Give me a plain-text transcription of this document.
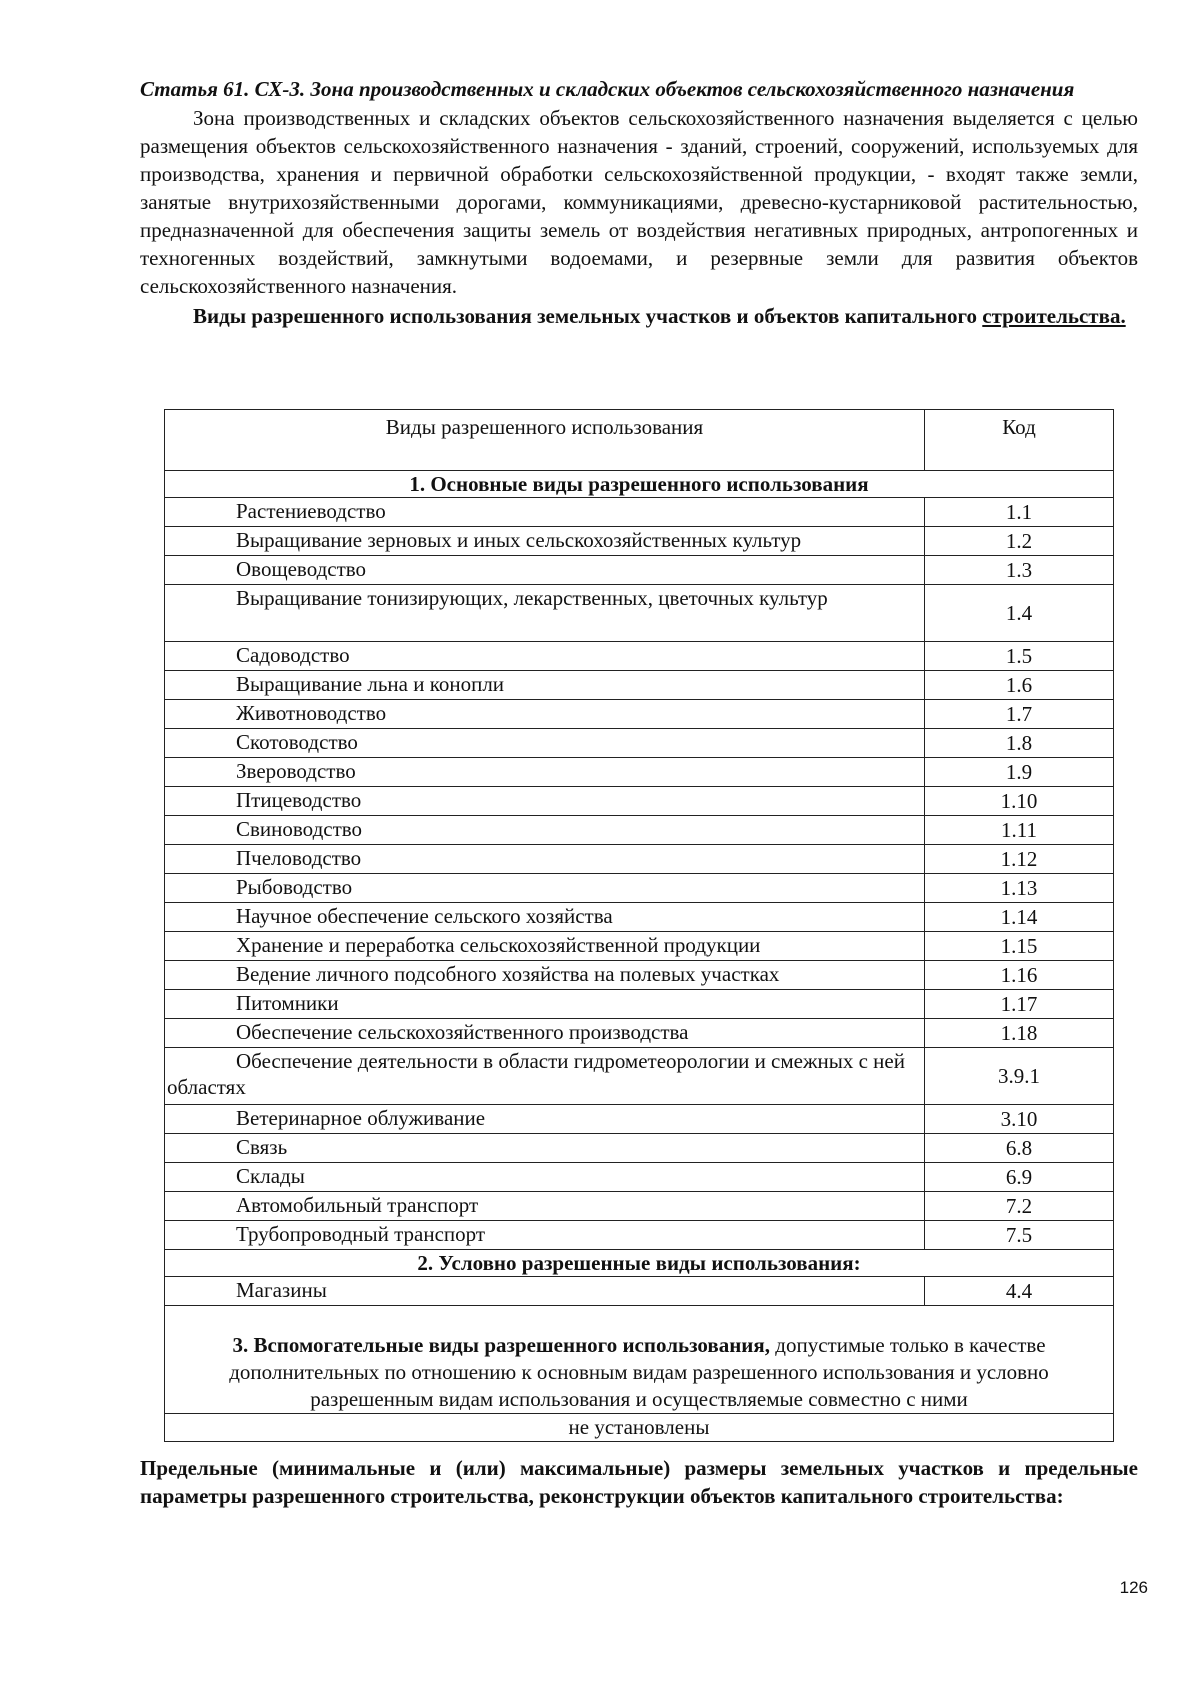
Статья 61. СХ-3. Зона производственных и складских объектов сельскохозяйственного назначения

Зона производственных и складских объектов сельскохозяйственного назначения выделяется с целью размещения объектов сельскохозяйственного назначения - зданий, строений, сооружений, используемых для производства, хранения и первичной обработки сельскохозяйственной продукции, - входят также земли, занятые внутрихозяйственными дорогами, коммуникациями, древесно-кустарниковой растительностью, предназначенной для обеспечения защиты земель от воздействия негативных природных, антропогенных и техногенных воздействий, замкнутыми водоемами, и резервные земли для развития объектов сельскохозяйственного назначения.

Виды разрешенного использования земельных участков и объектов капитального строительства.

Виды разрешенного использования	Код
1. Основные виды разрешенного использования	
Растениеводство	1.1
Выращивание зерновых и иных сельскохозяйственных культур	1.2
Овощеводство	1.3
Выращивание тонизирующих, лекарственных, цветочных культур	1.4
Садоводство	1.5
Выращивание льна и конопли	1.6
Животноводство	1.7
Скотоводство	1.8
Звероводство	1.9
Птицеводство	1.10
Свиноводство	1.11
Пчеловодство	1.12
Рыбоводство	1.13
Научное обеспечение сельского хозяйства	1.14
Хранение и переработка сельскохозяйственной продукции	1.15
Ведение личного подсобного хозяйства на полевых участках	1.16
Питомники	1.17
Обеспечение сельскохозяйственного производства	1.18
Обеспечение деятельности в области гидрометеорологии и смежных с ней областях	3.9.1
Ветеринарное облуживание	3.10
Связь	6.8
Склады	6.9
Автомобильный транспорт	7.2
Трубопроводный транспорт	7.5
2. Условно разрешенные виды использования:	
Магазины	4.4
3. Вспомогательные виды разрешенного использования, допустимые только в качестве дополнительных по отношению к основным видам разрешенного использования и условно разрешенным видам использования и осуществляемые совместно с ними	
не установлены	

Предельные (минимальные и (или) максимальные) размеры земельных участков и предельные параметры разрешенного строительства, реконструкции объектов капитального строительства:

126
